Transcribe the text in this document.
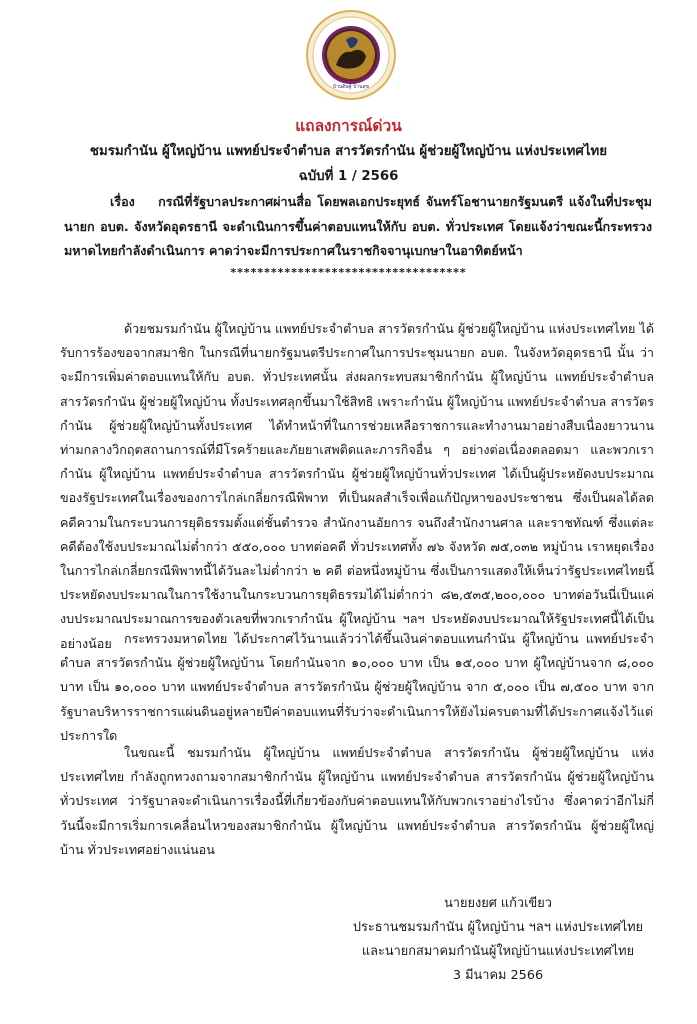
บ้านดิษฐ์ บ้านสุข
แถลงการณ์ด่วน
ชมรมกำนัน ผู้ใหญ่บ้าน แพทย์ประจำตำบล สารวัตรกำนัน ผู้ช่วยผู้ใหญ่บ้าน แห่งประเทศไทย
ฉบับที่ 1 / 2566
เรื่อง กรณีที่รัฐบาลประกาศผ่านสื่อ โดยพลเอกประยุทธ์ จันทร์โอชานายกรัฐมนตรี แจ้งในที่ประชุมนายก อบต. จังหวัดอุดรธานี จะดำเนินการขึ้นค่าตอบแทนให้กับ อบต. ทั่วประเทศ โดยแจ้งว่าขณะนี้กระทรวงมหาดไทยกำลังดำเนินการ คาดว่าจะมีการประกาศในราชกิจจานุเบกษาในอาทิตย์หน้า
***********************************
ด้วยชมรมกำนัน ผู้ใหญ่บ้าน แพทย์ประจำตำบล สารวัตรกำนัน ผู้ช่วยผู้ใหญ่บ้าน แห่งประเทศไทย ได้รับการร้องขอจากสมาชิก ในกรณีที่นายกรัฐมนตรีประกาศในการประชุมนายก อบต. ในจังหวัดอุดรธานี นั้น ว่าจะมีการเพิ่มค่าตอบแทนให้กับ อบต. ทั่วประเทศนั้น ส่งผลกระทบสมาชิกกำนัน ผู้ใหญ่บ้าน แพทย์ประจำตำบล สารวัตรกำนัน ผู้ช่วยผู้ใหญ่บ้าน ทั้งประเทศลุกขึ้นมาใช้สิทธิ เพราะกำนัน ผู้ใหญ่บ้าน แพทย์ประจำตำบล สารวัตรกำนัน ผู้ช่วยผู้ใหญ่บ้านทั้งประเทศ ได้ทำหน้าที่ในการช่วยเหลือราชการและทำงานมาอย่างสืบเนื่องยาวนานท่ามกลางวิกฤตสถานการณ์ที่มีโรคร้ายและภัยยาเสพติดและภารกิจอื่น ๆ อย่างต่อเนื่องตลอดมา และพวกเรากำนัน ผู้ใหญ่บ้าน แพทย์ประจำตำบล สารวัตรกำนัน ผู้ช่วยผู้ใหญ่บ้านทั่วประเทศ ได้เป็นผู้ประหยัดงบประมาณของรัฐประเทศในเรื่องของการไกล่เกลี่ยกรณีพิพาท ที่เป็นผลสำเร็จเพื่อแก้ปัญหาของประชาชน ซึ่งเป็นผลได้ลดคดีความในกระบวนการยุติธรรมตั้งแต่ชั้นตำรวจ สำนักงานอัยการ จนถึงสำนักงานศาล และราชทัณฑ์ ซึ่งแต่ละคดีต้องใช้งบประมาณไม่ต่ำกว่า ๕๕๐,๐๐๐ บาทต่อคดี ทั่วประเทศทั้ง ๗๖ จังหวัด ๗๕,๐๓๒ หมู่บ้าน เราหยุดเรื่องในการไกล่เกลี่ยกรณีพิพาทนี้ได้วันละไม่ต่ำกว่า ๒ คดี ต่อหนึ่งหมู่บ้าน ซึ่งเป็นการแสดงให้เห็นว่ารัฐประเทศไทยนี้ ประหยัดงบประมาณในการใช้งานในกระบวนการยุติธรรมได้ไม่ต่ำกว่า ๘๒,๕๓๕,๒๐๐,๐๐๐ บาทต่อวันนี่เป็นแค่งบประมาณประมาณการของตัวเลขที่พวกเรากำนัน ผู้ใหญ่บ้าน ฯลฯ ประหยัดงบประมาณให้รัฐประเทศนี้ได้เป็นอย่างน้อย กระทรวงมหาดไทย ได้ประกาศไว้นานแล้วว่าได้ขึ้นเงินค่าตอบแทนกำนัน ผู้ใหญ่บ้าน แพทย์ประจำตำบล สารวัตรกำนัน ผู้ช่วยผู้ใหญ่บ้าน โดยกำนันจาก ๑๐,๐๐๐ บาท เป็น ๑๕,๐๐๐ บาท ผู้ใหญ่บ้านจาก ๘,๐๐๐ บาท เป็น ๑๐,๐๐๐ บาท แพทย์ประจำตำบล สารวัตรกำนัน ผู้ช่วยผู้ใหญ่บ้าน จาก ๕,๐๐๐ เป็น ๗,๕๐๐ บาท จากรัฐบาลบริหารราชการแผ่นดินอยู่หลายปีค่าตอบแทนที่รับว่าจะดำเนินการให้ยังไม่ครบตามที่ได้ประกาศแจ้งไว้แต่ประการใด
ในขณะนี้ ชมรมกำนัน ผู้ใหญ่บ้าน แพทย์ประจำตำบล สารวัตรกำนัน ผู้ช่วยผู้ใหญ่บ้าน แห่งประเทศไทย กำลังถูกทวงถามจากสมาชิกกำนัน ผู้ใหญ่บ้าน แพทย์ประจำตำบล สารวัตรกำนัน ผู้ช่วยผู้ใหญ่บ้าน ทั่วประเทศ ว่ารัฐบาลจะดำเนินการเรื่องนี้ที่เกี่ยวข้องกับค่าตอบแทนให้กับพวกเราอย่างไรบ้าง ซึ่งคาดว่าอีกไม่กี่วันนี้จะมีการเริ่มการเคลื่อนไหวของสมาชิกกำนัน ผู้ใหญ่บ้าน แพทย์ประจำตำบล สารวัตรกำนัน ผู้ช่วยผู้ใหญ่บ้าน ทั่วประเทศอย่างแน่นอน
นายยงยศ แก้วเขียว
ประธานชมรมกำนัน ผู้ใหญ่บ้าน ฯลฯ แห่งประเทศไทย
และนายกสมาคมกำนันผู้ใหญ่บ้านแห่งประเทศไทย
3 มีนาคม 2566
